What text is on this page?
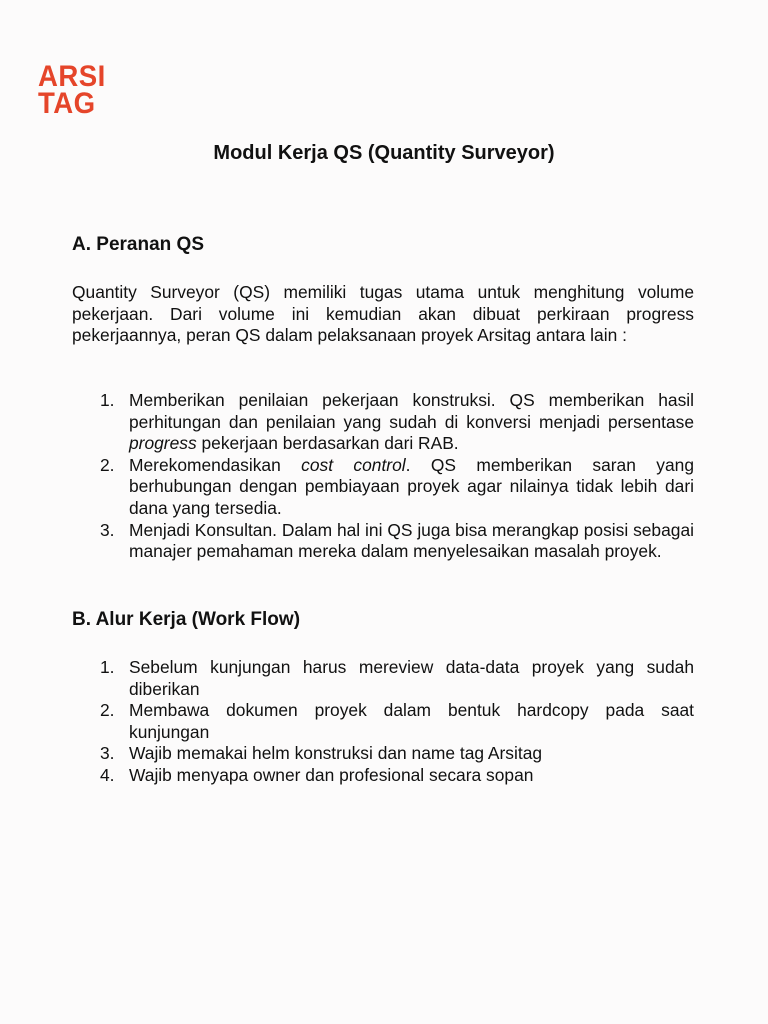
ARSI
TAG
Modul Kerja QS (Quantity Surveyor)
A. Peranan QS

Quantity Surveyor (QS) memiliki tugas utama untuk menghitung volume pekerjaan. Dari volume ini kemudian akan dibuat perkiraan progress pekerjaannya, peran QS dalam pelaksanaan proyek Arsitag antara lain :

1. Memberikan penilaian pekerjaan konstruksi. QS memberikan hasil perhitungan dan penilaian yang sudah di konversi menjadi persentase progress pekerjaan berdasarkan dari RAB.
2. Merekomendasikan cost control. QS memberikan saran yang berhubungan dengan pembiayaan proyek agar nilainya tidak lebih dari dana yang tersedia.
3. Menjadi Konsultan. Dalam hal ini QS juga bisa merangkap posisi sebagai manajer pemahaman mereka dalam menyelesaikan masalah proyek.
B. Alur Kerja (Work Flow)
1. Sebelum kunjungan harus mereview data-data proyek yang sudah diberikan
2. Membawa dokumen proyek dalam bentuk hardcopy pada saat kunjungan
3. Wajib memakai helm konstruksi dan name tag Arsitag
4. Wajib menyapa owner dan profesional secara sopan
